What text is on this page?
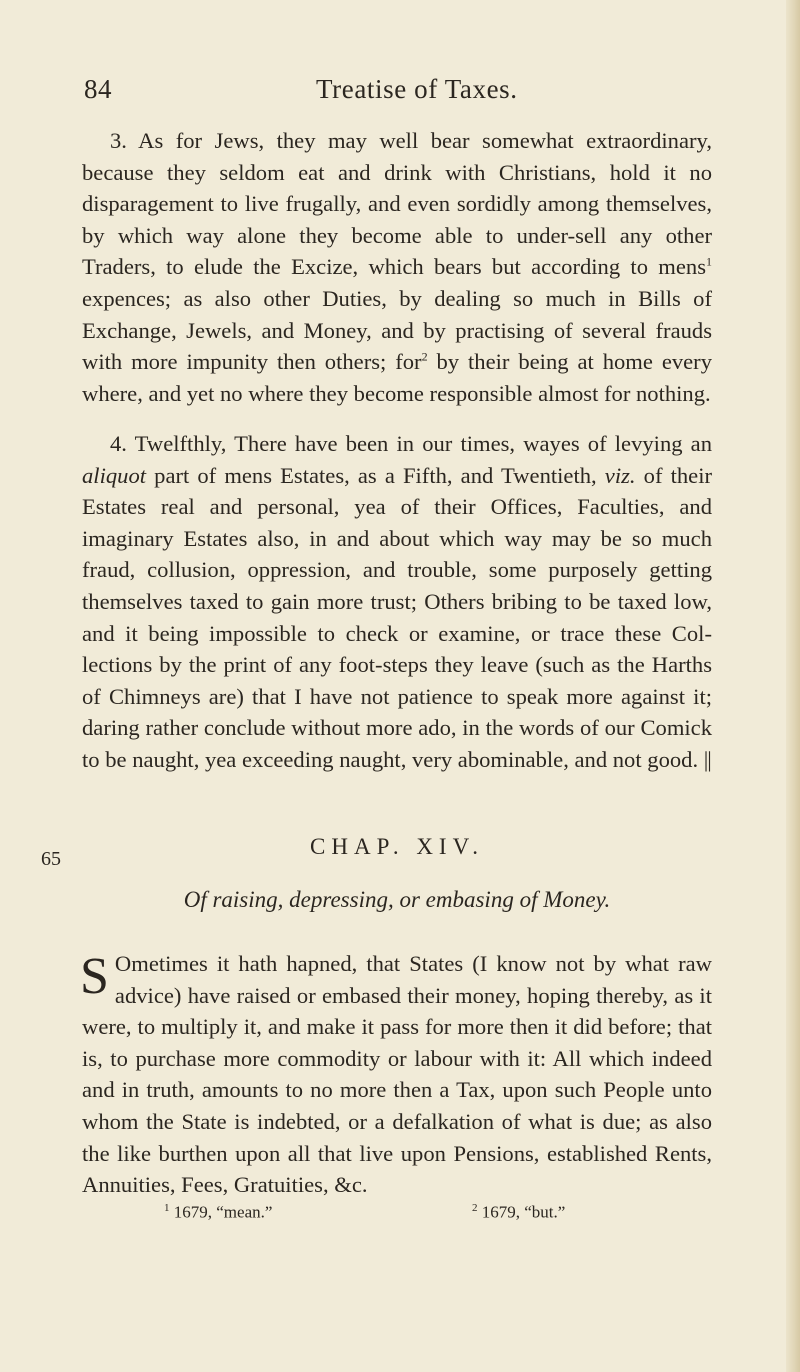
84	Treatise of Taxes.

3. As for Jews, they may well bear somewhat extraordinary, because they seldom eat and drink with Christians, hold it no disparagement to live frugally, and even sordidly among themselves, by which way alone they become able to under-sell any other Traders, to elude the Excize, which bears but according to mens$^1$ expences; as also other Duties, by dealing so much in Bills of Exchange, Jewels, and Money, and by practising of several frauds with more impunity then others; for$^2$ by their being at home every where, and yet no where they become responsible almost for nothing.

4. Twelfthly, There have been in our times, wayes of levying an aliquot part of mens Estates, as a Fifth, and Twentieth, viz. of their Estates real and personal, yea of their Offices, Faculties, and imaginary Estates also, in and about which way may be so much fraud, collusion, oppression, and trouble, some purposely getting themselves taxed to gain more trust; Others bribing to be taxed low, and it being impossible to check or examine, or trace these Collections by the print of any foot-steps they leave (such as the Harths of Chimneys are) that I have not patience to speak more against it; daring rather conclude without more ado, in the words of our Comick to be naught, yea exceeding naught, very abominable, and not good. ||

65	CHAP. XIV.
Of raising, depressing, or embasing of Money.

S Ometimes it hath hapned, that States (I know not by what raw advice) have raised or embased their money, hoping thereby, as it were, to multiply it, and make it pass for more then it did before; that is, to purchase more commodity or labour with it: All which indeed and in truth, amounts to no more then a Tax, upon such People unto whom the State is indebted, or a defalkation of what is due; as also the like burthen upon all that live upon Pensions, established Rents, Annuities, Fees, Gratuities, &c.

$^1$ 1679, “mean.”	$^2$ 1679, “but.”
